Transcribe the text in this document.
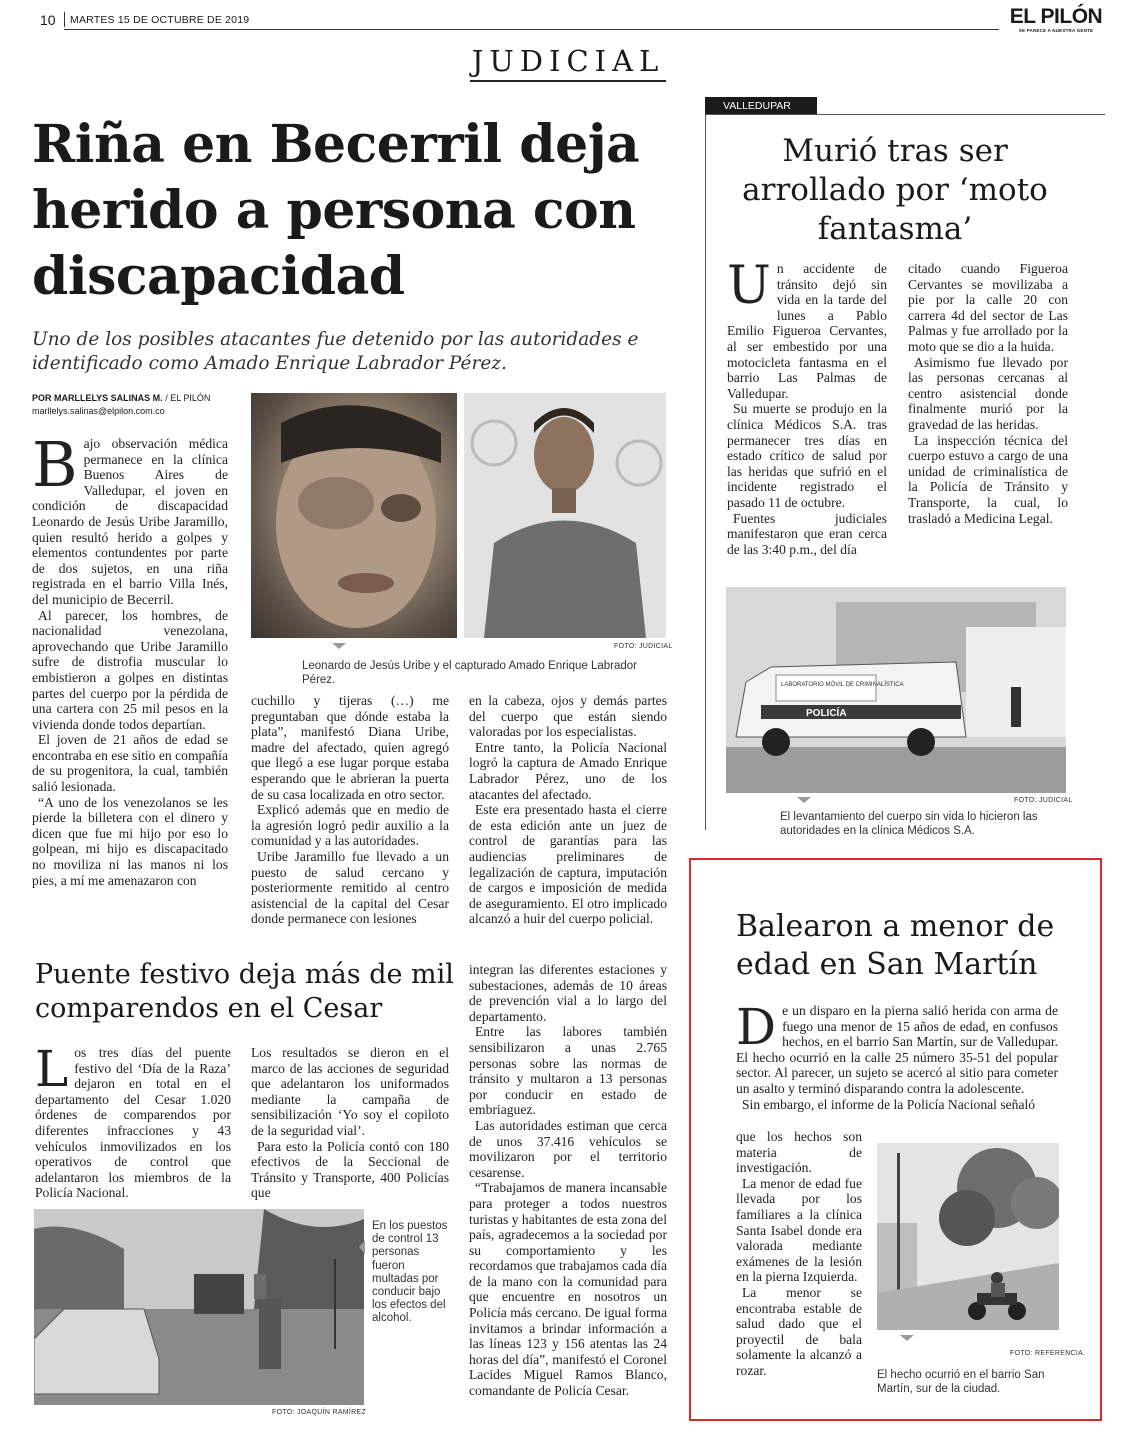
10 MARTES 15 DE OCTUBRE DE 2019	EL PILÓN
SE PARECE A NUESTRA GENTE
JUDICIAL
Riña en Becerril deja herido a persona con discapacidad
Uno de los posibles atacantes fue detenido por las autoridades e identificado como Amado Enrique Labrador Pérez.
POR MARLLELYS SALINAS M. / EL PILÓN
marllelys.salinas@elpilon.com.co
B ajo observación médica permanece en la clínica Buenos Aires de Valledupar, el joven en condición de discapacidad Leonardo de Jesús Uribe Jaramillo, quien resultó herido a golpes y elementos contundentes por parte de dos sujetos, en una riña registrada en el barrio Villa Inés, del municipio de Becerril.

Al parecer, los hombres, de nacionalidad venezolana, aprovechando que Uribe Jaramillo sufre de distrofia muscular lo embistieron a golpes en distintas partes del cuerpo por la pérdida de una cartera con 25 mil pesos en la vivienda donde todos departían.

El joven de 21 años de edad se encontraba en ese sitio en compañía de su progenitora, la cual, también salió lesionada.

“A uno de los venezolanos se les pierde la billetera con el dinero y dicen que fue mi hijo por eso lo golpean, mi hijo es discapacitado no moviliza ni las manos ni los pies, a mí me amenazaron con

FOTO: JUDICIAL
Leonardo de Jesús Uribe y el capturado Amado Enrique Labrador Pérez.

cuchillo y tijeras (…) me preguntaban que dónde estaba la plata”, manifestó Diana Uribe, madre del afectado, quien agregó que llegó a ese lugar porque estaba esperando que le abrieran la puerta de su casa localizada en otro sector.

Explicó además que en medio de la agresión logró pedir auxilio a la comunidad y a las autoridades.

Uribe Jaramillo fue llevado a un puesto de salud cercano y posteriormente remitido al centro asistencial de la capital del Cesar donde permanece con lesiones

en la cabeza, ojos y demás partes del cuerpo que están siendo valoradas por los especialistas.

Entre tanto, la Policía Nacional logró la captura de Amado Enrique Labrador Pérez, uno de los atacantes del afectado.

Este era presentado hasta el cierre de esta edición ante un juez de control de garantías para las audiencias preliminares de legalización de captura, imputación de cargos e imposición de medida de aseguramiento. El otro implicado alcanzó a huir del cuerpo policial.

VALLEDUPAR
Murió tras ser arrollado por ‘moto fantasma’
U n accidente de tránsito dejó sin vida en la tarde del lunes a Pablo Emilio Figueroa Cervantes, al ser embestido por una motocicleta fantasma en el barrio Las Palmas de Valledupar.

Su muerte se produjo en la clínica Médicos S.A. tras permanecer tres días en estado crítico de salud por las heridas que sufrió en el incidente registrado el pasado 11 de octubre.

Fuentes judiciales manifestaron que eran cerca de las 3:40 p.m., del día

citado cuando Figueroa Cervantes se movilizaba a pie por la calle 20 con carrera 4d del sector de Las Palmas y fue arrollado por la moto que se dio a la huida.

Asimismo fue llevado por las personas cercanas al centro asistencial donde finalmente murió por la gravedad de las heridas.

La inspección técnica del cuerpo estuvo a cargo de una unidad de criminalística de la Policía de Tránsito y Transporte, la cual, lo trasladó a Medicina Legal.

LABORATORIO MÓVIL DE CRIMINALÍSTICA
POLICÍA
FOTO: JUDICIAL
El levantamiento del cuerpo sin vida lo hicieron las autoridades en la clínica Médicos S.A.
Puente festivo deja más de mil comparendos en el Cesar
L os tres días del puente festivo del ‘Día de la Raza’ dejaron en total en el departamento del Cesar 1.020 órdenes de comparendos por diferentes infracciones y 43 vehículos inmovilizados en los operativos de control que adelantaron los miembros de la Policía Nacional.

Los resultados se dieron en el marco de las acciones de seguridad que adelantaron los uniformados mediante la campaña de sensibilización ‘Yo soy el copiloto de la seguridad vial’.

Para esto la Policía contó con 180 efectivos de la Seccional de Tránsito y Transporte, 400 Policías que

integran las diferentes estaciones y subestaciones, además de 10 áreas de prevención vial a lo largo del departamento.

Entre las labores también sensibilizaron a unas 2.765 personas sobre las normas de tránsito y multaron a 13 personas por conducir en estado de embriaguez.

Las autoridades estiman que cerca de unos 37.416 vehículos se movilizaron por el territorio cesarense.

“Trabajamos de manera incansable para proteger a todos nuestros turistas y habitantes de esta zona del país, agradecemos a la sociedad por su comportamiento y les recordamos que trabajamos cada día de la mano con la comunidad para que encuentre en nosotros un Policía más cercano. De igual forma invitamos a brindar información a las líneas 123 y 156 atentas las 24 horas del día”, manifestó el Coronel Lacides Miguel Ramos Blanco, comandante de Policía Cesar.

FOTO: JOAQUÍN RAMÍREZ
En los puestos de control 13 personas fueron multadas por conducir bajo los efectos del alcohol.
Balearon a menor de edad en San Martín
D e un disparo en la pierna salió herida con arma de fuego una menor de 15 años de edad, en confusos hechos, en el barrio San Martín, sur de Valledupar. El hecho ocurrió en la calle 25 número 35-51 del popular sector. Al parecer, un sujeto se acercó al sitio para cometer un asalto y terminó disparando contra la adolescente.

Sin embargo, el informe de la Policía Nacional señaló

que los hechos son materia de investigación.

La menor de edad fue llevada por los familiares a la clínica Santa Isabel donde era valorada mediante exámenes de la lesión en la pierna Izquierda.

La menor se encontraba estable de salud dado que el proyectil de bala solamente la alcanzó a rozar.

FOTO: REFERENCIA.
El hecho ocurrió en el barrio San Martín, sur de la ciudad.
